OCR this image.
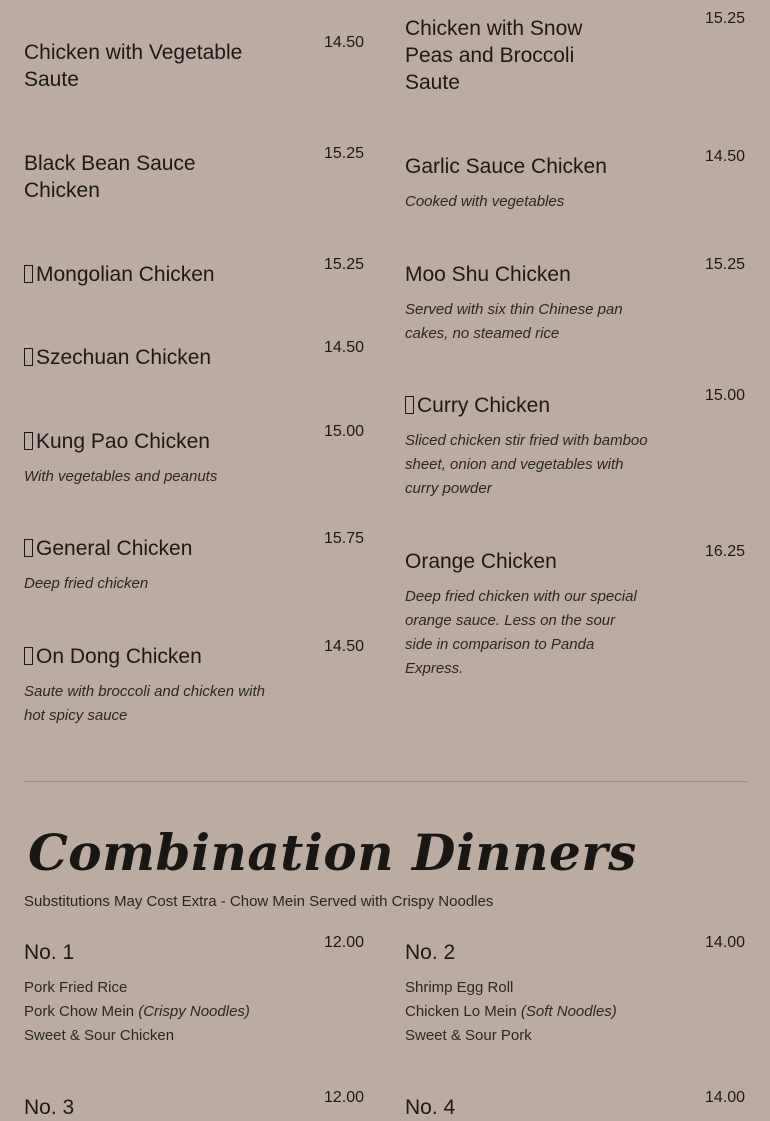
Chicken with Vegetable Saute
14.50
Black Bean Sauce Chicken
15.25
Mongolian Chicken	15.25
Szechuan Chicken	14.50
Kung Pao Chicken	15.00
With vegetables and peanuts
General Chicken	15.75
Deep fried chicken
On Dong Chicken	14.50
Saute with broccoli and chicken with hot spicy sauce
Chicken with Snow Peas and Broccoli Saute
15.25
Garlic Sauce Chicken	14.50
Cooked with vegetables
Moo Shu Chicken	15.25
Served with six thin Chinese pan cakes, no steamed rice
Curry Chicken	15.00
Sliced chicken stir fried with bamboo sheet, onion and vegetables with curry powder
Orange Chicken	16.25
Deep fried chicken with our special orange sauce. Less on the sour side in comparison to Panda Express.
Combination Dinners
Substitutions May Cost Extra - Chow Mein Served with Crispy Noodles
No. 1	12.00
Pork Fried Rice
Pork Chow Mein (Crispy Noodles)
Sweet & Sour Chicken
No. 2	14.00
Shrimp Egg Roll
Chicken Lo Mein (Soft Noodles)
Sweet & Sour Pork
No. 3	12.00 No. 4	14.00
